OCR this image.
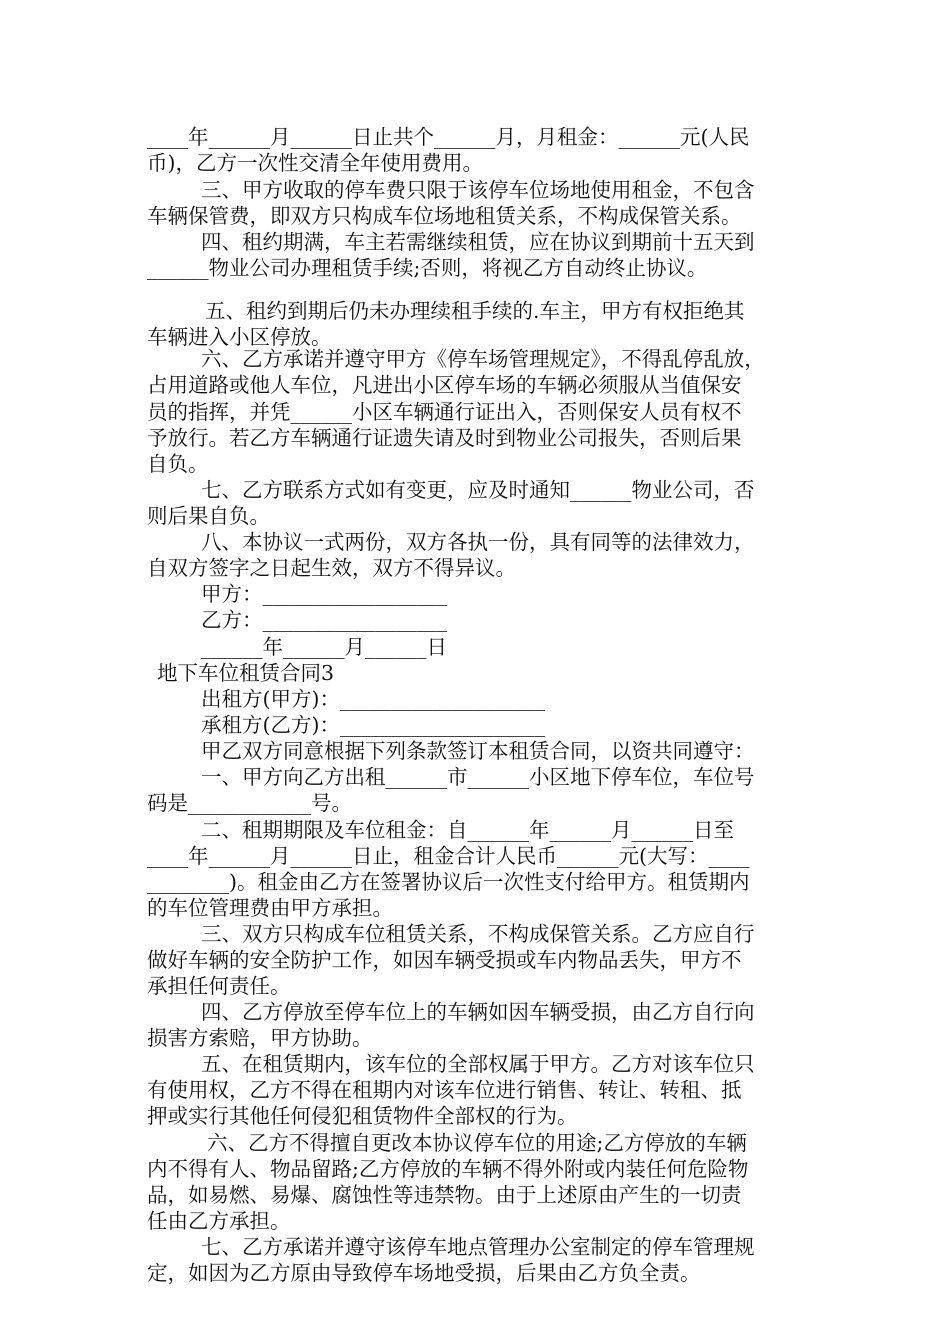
____年______月______日止共个______月，月租金：______元(人民
币)，乙方一次性交清全年使用费用。
三、甲方收取的停车费只限于该停车位场地使用租金，不包含
车辆保管费，即双方只构成车位场地租赁关系，不构成保管关系。
四、租约期满，车主若需继续租赁，应在协议到期前十五天到
______物业公司办理租赁手续;否则，将视乙方自动终止协议。
五、租约到期后仍未办理续租手续的.车主，甲方有权拒绝其
车辆进入小区停放。
六、乙方承诺并遵守甲方《停车场管理规定》，不得乱停乱放，
占用道路或他人车位，凡进出小区停车场的车辆必须服从当值保安
员的指挥，并凭______小区车辆通行证出入，否则保安人员有权不
予放行。若乙方车辆通行证遗失请及时到物业公司报失，否则后果
自负。
七、乙方联系方式如有变更，应及时通知______物业公司，否
则后果自负。
八、本协议一式两份，双方各执一份，具有同等的法律效力，
自双方签字之日起生效，双方不得异议。
甲方：__________________
乙方：__________________
______年______月______日
地下车位租赁合同3
出租方(甲方)：____________________
承租方(乙方)：____________________
甲乙双方同意根据下列条款签订本租赁合同，以资共同遵守：
一、甲方向乙方出租______市______小区地下停车位，车位号
码是____________号。
二、租期期限及车位租金：自______年______月______日至
____年______月______日止，租金合计人民币______元(大写：____
________)。租金由乙方在签署协议后一次性支付给甲方。租赁期内
的车位管理费由甲方承担。
三、双方只构成车位租赁关系，不构成保管关系。乙方应自行
做好车辆的安全防护工作，如因车辆受损或车内物品丢失，甲方不
承担任何责任。
四、乙方停放至停车位上的车辆如因车辆受损，由乙方自行向
损害方索赔，甲方协助。
五、在租赁期内，该车位的全部权属于甲方。乙方对该车位只
有使用权，乙方不得在租期内对该车位进行销售、转让、转租、抵
押或实行其他任何侵犯租赁物件全部权的行为。
六、乙方不得擅自更改本协议停车位的用途;乙方停放的车辆
内不得有人、物品留路;乙方停放的车辆不得外附或内装任何危险物
品，如易燃、易爆、腐蚀性等违禁物。由于上述原由产生的一切责
任由乙方承担。
七、乙方承诺并遵守该停车地点管理办公室制定的停车管理规
定，如因为乙方原由导致停车场地受损，后果由乙方负全责。
